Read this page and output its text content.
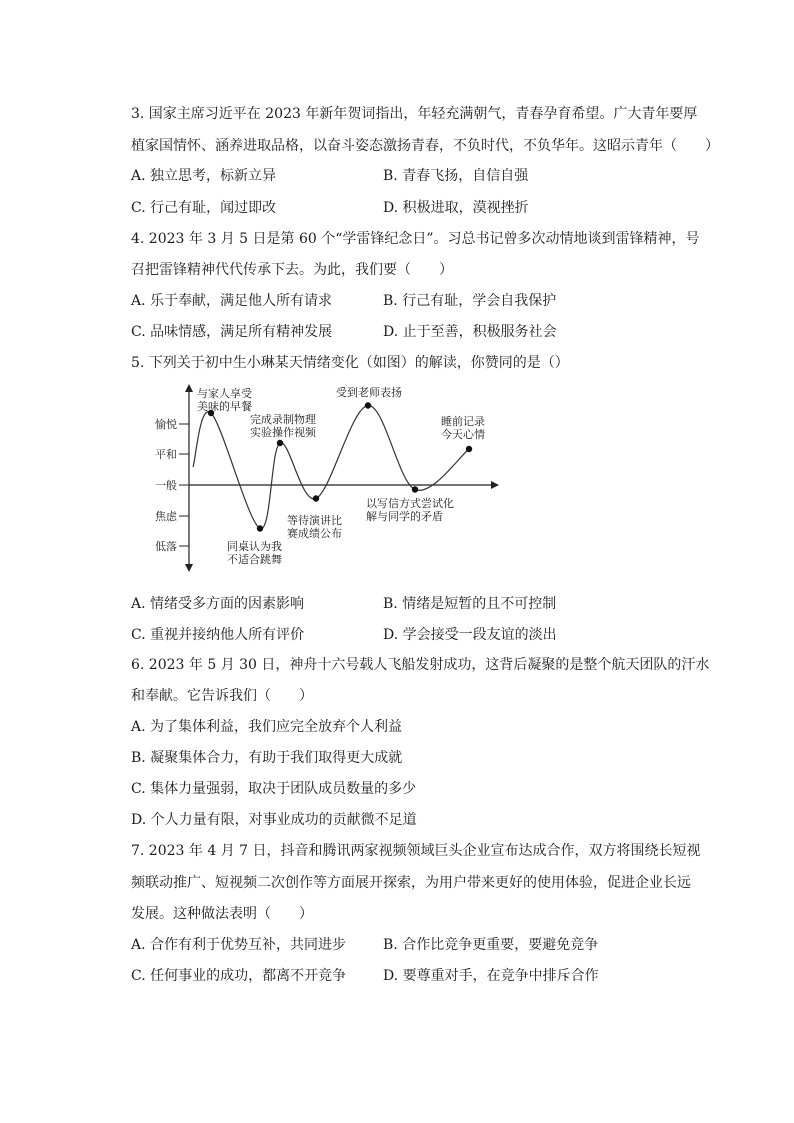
3. 国家主席习近平在 2023 年新年贺词指出，年轻充满朝气，青春孕育希望。广大青年要厚
植家国情怀、涵养进取品格，以奋斗姿态激扬青春，不负时代，不负华年。这昭示青年（　　）
A. 独立思考，标新立异	B. 青春飞扬，自信自强
C. 行己有耻，闻过即改	D. 积极进取，漠视挫折
4. 2023 年 3 月 5 日是第 60 个“学雷锋纪念日”。习总书记曾多次动情地谈到雷锋精神，号
召把雷锋精神代代传承下去。为此，我们要（　　）
A. 乐于奉献，满足他人所有请求	B. 行己有耻，学会自我保护
C. 品味情感，满足所有精神发展	D. 止于至善，积极服务社会
5. 下列关于初中生小琳某天情绪变化（如图）的解读，你赞同的是（）
愉悦
平和
一般
焦虑
低落
与家人享受
美味的早餐
同桌认为我
不适合跳舞
完成录制物理
实验操作视频
等待演讲比
赛成绩公布
受到老师表扬
以写信方式尝试化
解与同学的矛盾
睡前记录
今天心情
A. 情绪受多方面的因素影响	B. 情绪是短暂的且不可控制
C. 重视并接纳他人所有评价	D. 学会接受一段友谊的淡出
6. 2023 年 5 月 30 日，神舟十六号载人飞船发射成功，这背后凝聚的是整个航天团队的汗水
和奉献。它告诉我们（　　）
A. 为了集体利益，我们应完全放弃个人利益
B. 凝聚集体合力，有助于我们取得更大成就
C. 集体力量强弱，取决于团队成员数量的多少
D. 个人力量有限，对事业成功的贡献微不足道
7. 2023 年 4 月 7 日，抖音和腾讯两家视频领域巨头企业宣布达成合作，双方将围绕长短视
频联动推广、短视频二次创作等方面展开探索，为用户带来更好的使用体验，促进企业长远
发展。这种做法表明（　　）
A. 合作有利于优势互补，共同进步	B. 合作比竞争更重要，要避免竞争
C. 任何事业的成功，都离不开竞争	D. 要尊重对手，在竞争中排斥合作
